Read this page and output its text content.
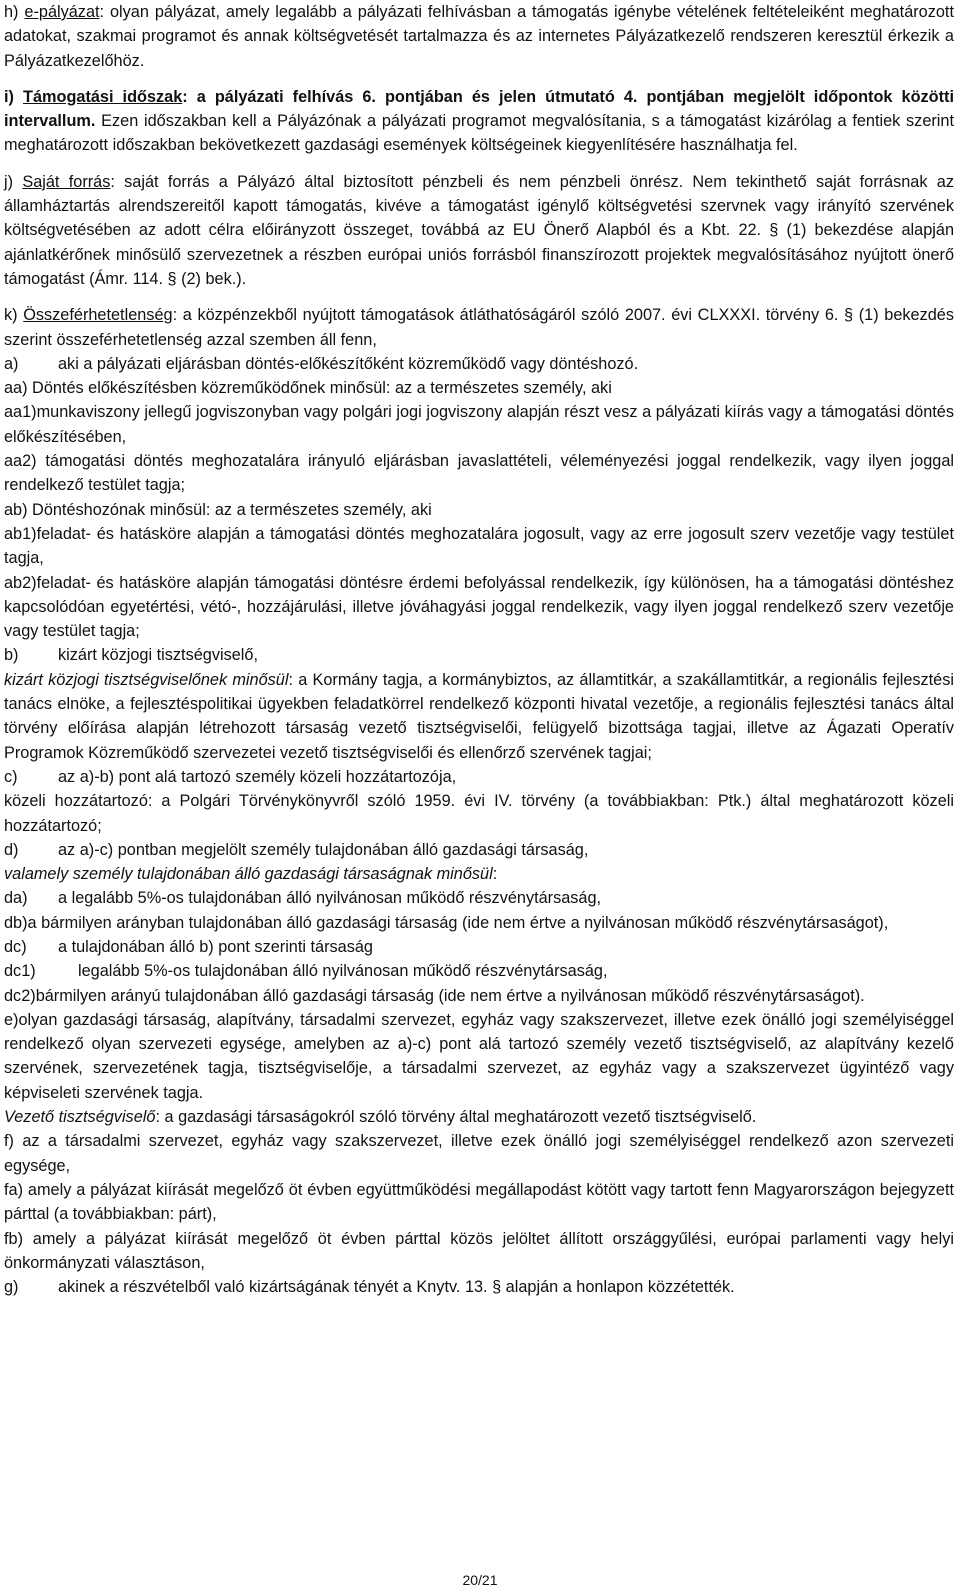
h) e-pályázat: olyan pályázat, amely legalább a pályázati felhívásban a támogatás igénybe vételének feltételeiként meghatározott adatokat, szakmai programot és annak költségvetését tartalmazza és az internetes Pályázatkezelő rendszeren keresztül érkezik a Pályázatkezelőhöz.

i) Támogatási időszak: a pályázati felhívás 6. pontjában és jelen útmutató 4. pontjában megjelölt időpontok közötti intervallum. Ezen időszakban kell a Pályázónak a pályázati programot megvalósítania, s a támogatást kizárólag a fentiek szerint meghatározott időszakban bekövetkezett gazdasági események költségeinek kiegyenlítésére használhatja fel.

j) Saját forrás: saját forrás a Pályázó által biztosított pénzbeli és nem pénzbeli önrész. Nem tekinthető saját forrásnak az államháztartás alrendszereitől kapott támogatás, kivéve a támogatást igénylő költségvetési szervnek vagy irányító szervének költségvetésében az adott célra előirányzott összeget, továbbá az EU Önerő Alapból és a Kbt. 22. § (1) bekezdése alapján ajánlatkérőnek minősülő szervezetnek a részben európai uniós forrásból finanszírozott projektek megvalósításához nyújtott önerő támogatást (Ámr. 114. § (2) bek.).

k) Összeférhetetlenség: a közpénzekből nyújtott támogatások átláthatóságáról szóló 2007. évi CLXXXI. törvény 6. § (1) bekezdés szerint összeférhetetlenség azzal szemben áll fenn,

a)	aki a pályázati eljárásban döntés-előkészítőként közreműködő vagy döntéshozó.

aa) Döntés előkészítésben közreműködőnek minősül: az a természetes személy, aki

aa1)munkaviszony jellegű jogviszonyban vagy polgári jogi jogviszony alapján részt vesz a pályázati kiírás vagy a támogatási döntés előkészítésében,

aa2) támogatási döntés meghozatalára irányuló eljárásban javaslattételi, véleményezési joggal rendelkezik, vagy ilyen joggal rendelkező testület tagja;

ab) Döntéshozónak minősül: az a természetes személy, aki

ab1)feladat- és hatásköre alapján a támogatási döntés meghozatalára jogosult, vagy az erre jogosult szerv vezetője vagy testület tagja,
ab2)feladat- és hatásköre alapján támogatási döntésre érdemi befolyással rendelkezik, így különösen, ha a támogatási döntéshez kapcsolódóan egyetértési, vétó-, hozzájárulási, illetve jóváhagyási joggal rendelkezik, vagy ilyen joggal rendelkező szerv vezetője vagy testület tagja;
b)	kizárt közjogi tisztségviselő,

kizárt közjogi tisztségviselőnek minősül: a Kormány tagja, a kormánybiztos, az államtitkár, a szakállamtitkár, a regionális fejlesztési tanács elnöke, a fejlesztéspolitikai ügyekben feladatkörrel rendelkező központi hivatal vezetője, a regionális fejlesztési tanács által törvény előírása alapján létrehozott társaság vezető tisztségviselői, felügyelő bizottsága tagjai, illetve az Ágazati Operatív Programok Közreműködő szervezetei vezető tisztségviselői és ellenőrző szervének tagjai;

c)	az a)-b) pont alá tartozó személy közeli hozzátartozója,

közeli hozzátartozó: a Polgári Törvénykönyvről szóló 1959. évi IV. törvény (a továbbiakban: Ptk.) által meghatározott közeli hozzátartozó;

d)	az a)-c) pontban megjelölt személy tulajdonában álló gazdasági társaság,

valamely személy tulajdonában álló gazdasági társaságnak minősül:

da)	a legalább 5%-os tulajdonában álló nyilvánosan működő részvénytársaság,
db)a bármilyen arányban tulajdonában álló gazdasági társaság (ide nem értve a nyilvánosan működő részvénytársaságot),
dc)	a tulajdonában álló b) pont szerinti társaság
dc1)	legalább 5%-os tulajdonában álló nyilvánosan működő részvénytársaság,
dc2)bármilyen arányú tulajdonában álló gazdasági társaság (ide nem értve a nyilvánosan működő részvénytársaságot).
e)olyan gazdasági társaság, alapítvány, társadalmi szervezet, egyház vagy szakszervezet, illetve ezek önálló jogi személyiséggel rendelkező olyan szervezeti egysége, amelyben az a)-c) pont alá tartozó személy vezető tisztségviselő, az alapítvány kezelő szervének, szervezetének tagja, tisztségviselője, a társadalmi szervezet, az egyház vagy a szakszervezet ügyintéző vagy képviseleti szervének tagja.

Vezető tisztségviselő: a gazdasági társaságokról szóló törvény által meghatározott vezető tisztségviselő.

f) az a társadalmi szervezet, egyház vagy szakszervezet, illetve ezek önálló jogi személyiséggel rendelkező azon szervezeti egysége,

fa) amely a pályázat kiírását megelőző öt évben együttműködési megállapodást kötött vagy tartott fenn Magyarországon bejegyzett párttal (a továbbiakban: párt),

fb) amely a pályázat kiírását megelőző öt évben párttal közös jelöltet állított országgyűlési, európai parlamenti vagy helyi önkormányzati választáson,

g)	akinek a részvételből való kizártságának tényét a Knytv. 13. § alapján a honlapon közzétették.
20/21
